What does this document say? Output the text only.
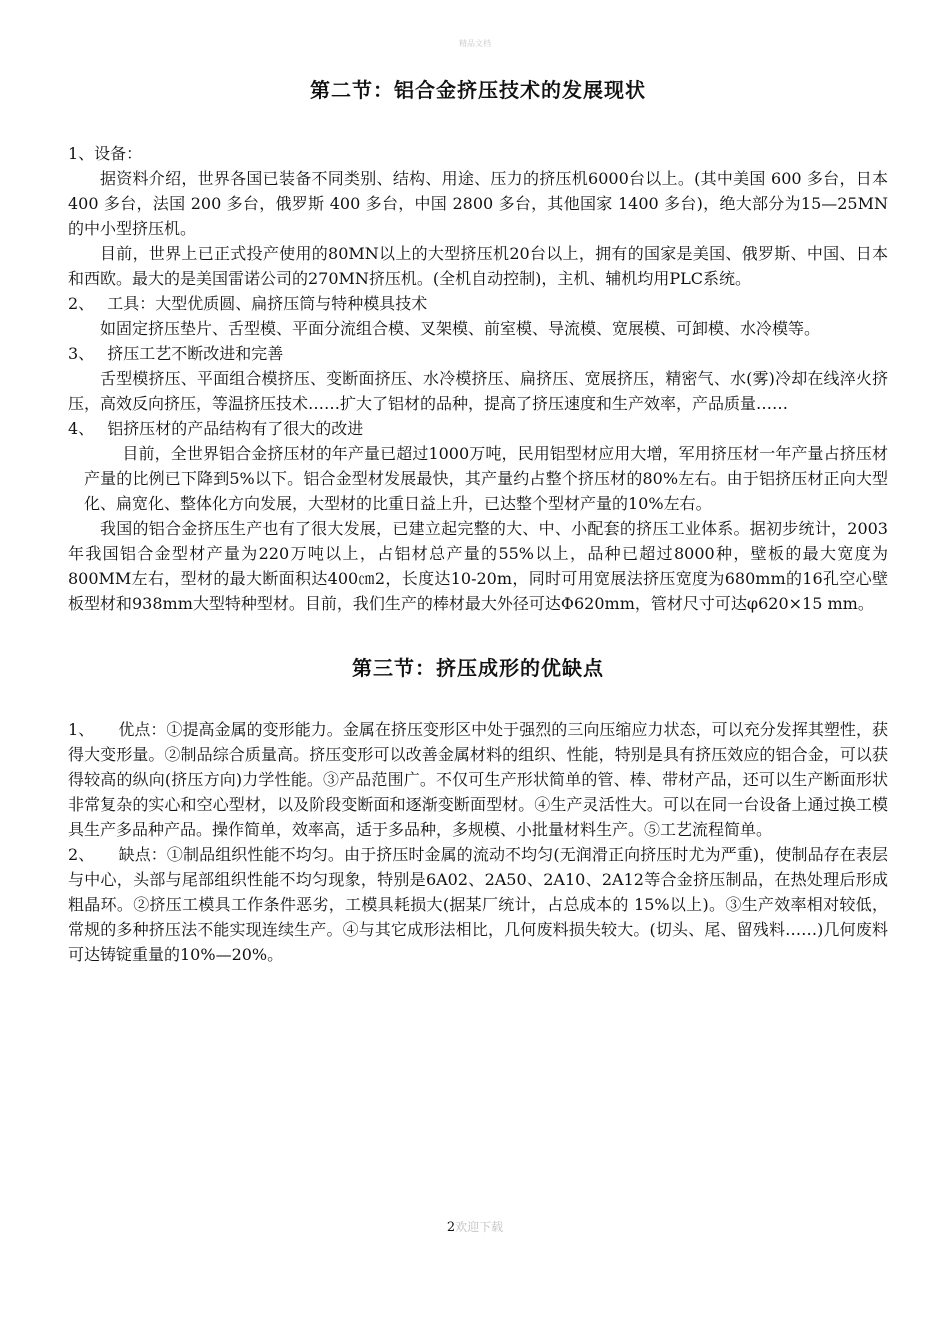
精品文档
第二节：铝合金挤压技术的发展现状
1、设备：

据资料介绍，世界各国已装备不同类别、结构、用途、压力的挤压机6000台以上。(其中美国 600 多台，日本 400 多台，法国 200 多台，俄罗斯 400 多台，中国 2800 多台，其他国家 1400 多台)，绝大部分为15—25MN的中小型挤压机。

目前，世界上已正式投产使用的80MN以上的大型挤压机20台以上，拥有的国家是美国、俄罗斯、中国、日本和西欧。最大的是美国雷诺公司的270MN挤压机。(全机自动控制)，主机、辅机均用PLC系统。

2、　 工具：大型优质圆、扁挤压筒与特种模具技术

如固定挤压垫片、舌型模、平面分流组合模、叉架模、前室模、导流模、宽展模、可卸模、水冷模等。

3、　 挤压工艺不断改进和完善

舌型模挤压、平面组合模挤压、变断面挤压、水冷模挤压、扁挤压、宽展挤压，精密气、水(雾)冷却在线淬火挤压，高效反向挤压，等温挤压技术……扩大了铝材的品种，提高了挤压速度和生产效率，产品质量……

4、　 铝挤压材的产品结构有了很大的改进

目前，全世界铝合金挤压材的年产量已超过1000万吨，民用铝型材应用大增，军用挤压材一年产量占挤压材产量的比例已下降到5%以下。铝合金型材发展最快，其产量约占整个挤压材的80%左右。由于铝挤压材正向大型化、扁宽化、整体化方向发展，大型材的比重日益上升，已达整个型材产量的10%左右。

我国的铝合金挤压生产也有了很大发展，已建立起完整的大、中、小配套的挤压工业体系。据初步统计，2003年我国铝合金型材产量为220万吨以上，占铝材总产量的55%以上，品种已超过8000种，壁板的最大宽度为800MM左右，型材的最大断面积达400㎝2，长度达10-20m，同时可用宽展法挤压宽度为680mm的16孔空心壁板型材和938mm大型特种型材。目前，我们生产的棒材最大外径可达Φ620mm，管材尺寸可达φ620×15 mm。

第三节：挤压成形的优缺点

1、　　优点：①提高金属的变形能力。金属在挤压变形区中处于强烈的三向压缩应力状态，可以充分发挥其塑性，获得大变形量。②制品综合质量高。挤压变形可以改善金属材料的组织、性能，特别是具有挤压效应的铝合金，可以获得较高的纵向(挤压方向)力学性能。③产品范围广。不仅可生产形状简单的管、棒、带材产品，还可以生产断面形状非常复杂的实心和空心型材，以及阶段变断面和逐渐变断面型材。④生产灵活性大。可以在同一台设备上通过换工模具生产多品种产品。操作简单，效率高，适于多品种，多规模、小批量材料生产。⑤工艺流程简单。

2、　　缺点：①制品组织性能不均匀。由于挤压时金属的流动不均匀(无润滑正向挤压时尤为严重)，使制品存在表层与中心，头部与尾部组织性能不均匀现象，特别是6A02、2A50、2A10、2A12等合金挤压制品，在热处理后形成粗晶环。②挤压工模具工作条件恶劣，工模具耗损大(据某厂统计，占总成本的 15%以上)。③生产效率相对较低，常规的多种挤压法不能实现连续生产。④与其它成形法相比，几何废料损失较大。(切头、尾、留残料……)几何废料可达铸锭重量的10%—20%。

2欢迎下载
